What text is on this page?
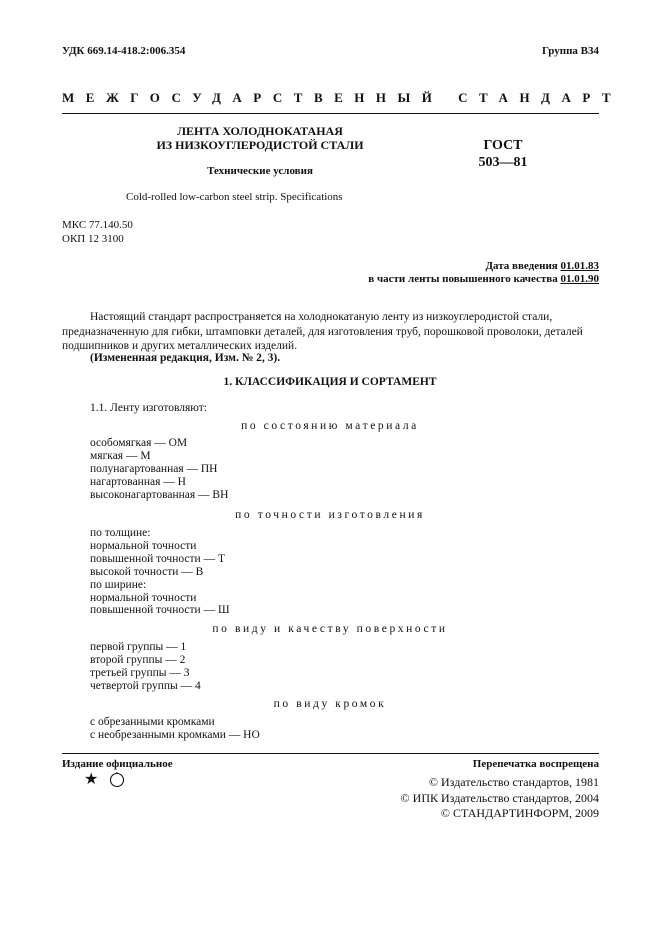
УДК 669.14-418.2:006.354	Группа В34
МЕЖГОСУДАРСТВЕННЫЙ СТАНДАРТ
ЛЕНТА ХОЛОДНОКАТАНАЯ
ИЗ НИЗКОУГЛЕРОДИСТОЙ СТАЛИ
Технические условия
Cold-rolled low-carbon steel strip. Specifications
ГОСТ
503—81
МКС 77.140.50
ОКП 12 3100
Дата введения 01.01.83
в части ленты повышенного качества 01.01.90
Настоящий стандарт распространяется на холоднокатаную ленту из низкоуглеродистой стали, предназначенную для гибки, штамповки деталей, для изготовления труб, порошковой проволоки, деталей подшипников и других металлических изделий.
(Измененная редакция, Изм. № 2, 3).
1. КЛАССИФИКАЦИЯ И СОРТАМЕНТ
1.1. Ленту изготовляют:
по состоянию материала
особомягкая — ОМ
мягкая — М
полунагартованная — ПН
нагартованная — Н
высоконагартованная — ВН
по точности изготовления
по толщине:
нормальной точности
повышенной точности — Т
высокой точности — В
по ширине:
нормальной точности
повышенной точности — Ш
по виду и качеству поверхности
первой группы — 1
второй группы — 2
третьей группы — 3
четвертой группы — 4
по виду кромок
с обрезанными кромками
с необрезанными кромками — НО
Издание официальное	Перепечатка воспрещена
★	© Издательство стандартов, 1981
© ИПК Издательство стандартов, 2004
© СТАНДАРТИНФОРМ, 2009
